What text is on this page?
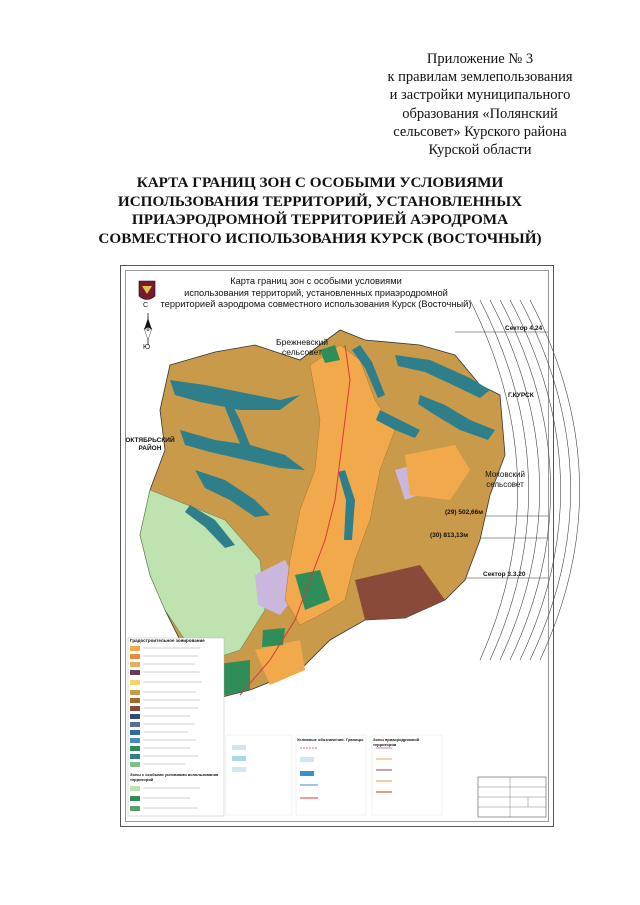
Приложение № 3
к правилам землепользования
и застройки муниципального
образования «Полянский
сельсовет» Курского района
Курской области
КАРТА ГРАНИЦ ЗОН С ОСОБЫМИ УСЛОВИЯМИ
ИСПОЛЬЗОВАНИЯ ТЕРРИТОРИЙ, УСТАНОВЛЕННЫХ
ПРИАЭРОДРОМНОЙ ТЕРРИТОРИЕЙ АЭРОДРОМА
СОВМЕСТНОГО ИСПОЛЬЗОВАНИЯ КУРСК (ВОСТОЧНЫЙ)
Карта границ зон с особыми условиями
использования территорий, установленных приаэродромной
территорией аэродрома совместного использования Курск (Восточный)
С
Ю
Брежневский
сельсовет
ОКТЯБРЬСКИЙ
РАЙОН
Моковский
сельсовет
Г.КУРСК
Сектор 4.24
Сектор 3.3.20
(29) 502,66м
(30) 813,13м
Градостроительное зонирование
Зоны с особыми условиями использования территорий
Условные обозначения. Границы	Зоны приаэродромной территории
